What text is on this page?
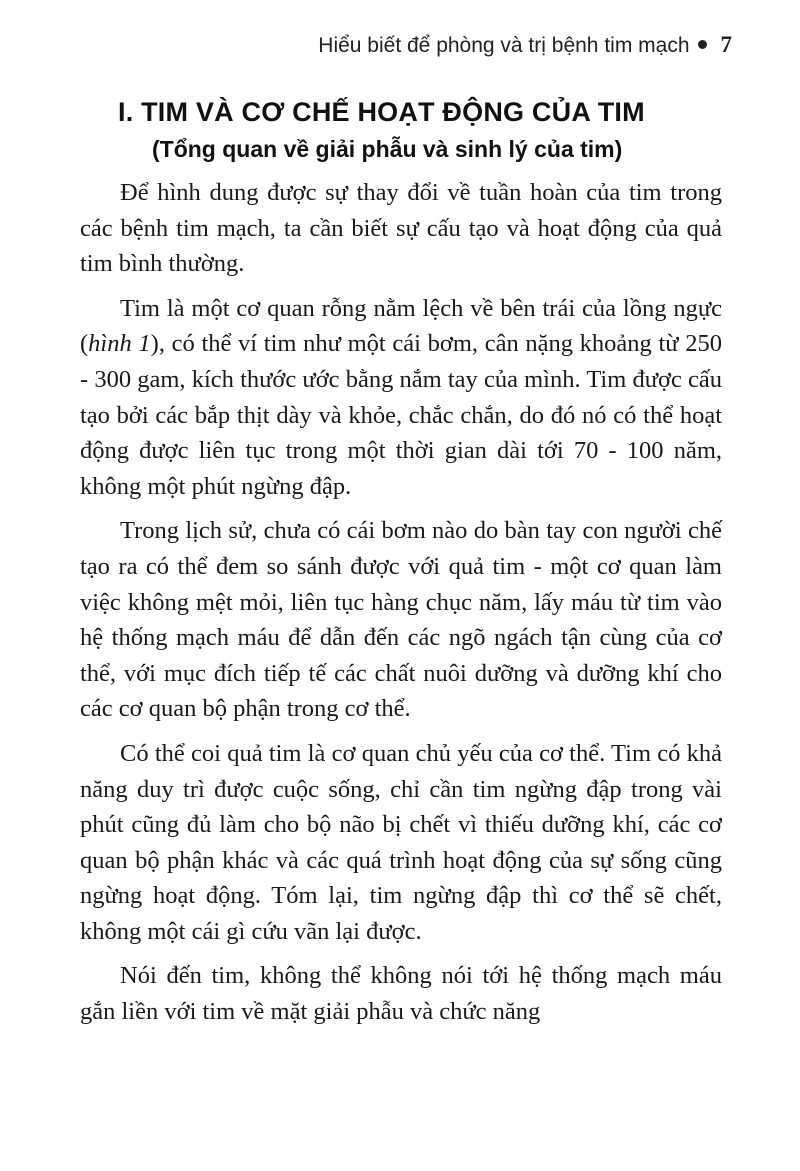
Hiểu biết để phòng và trị bệnh tim mạch 7
I. TIM VÀ CƠ CHẾ HOẠT ĐỘNG CỦA TIM
(Tổng quan về giải phẫu và sinh lý của tim)

Để hình dung được sự thay đổi về tuần hoàn của tim trong các bệnh tim mạch, ta cần biết sự cấu tạo và hoạt động của quả tim bình thường.

Tim là một cơ quan rỗng nằm lệch về bên trái của lồng ngực (hình 1), có thể ví tim như một cái bơm, cân nặng khoảng từ 250 - 300 gam, kích thước ước bằng nắm tay của mình. Tim được cấu tạo bởi các bắp thịt dày và khỏe, chắc chắn, do đó nó có thể hoạt động được liên tục trong một thời gian dài tới 70 - 100 năm, không một phút ngừng đập.

Trong lịch sử, chưa có cái bơm nào do bàn tay con người chế tạo ra có thể đem so sánh được với quả tim - một cơ quan làm việc không mệt mỏi, liên tục hàng chục năm, lấy máu từ tim vào hệ thống mạch máu để dẫn đến các ngõ ngách tận cùng của cơ thể, với mục đích tiếp tế các chất nuôi dưỡng và dưỡng khí cho các cơ quan bộ phận trong cơ thể.

Có thể coi quả tim là cơ quan chủ yếu của cơ thể. Tim có khả năng duy trì được cuộc sống, chỉ cần tim ngừng đập trong vài phút cũng đủ làm cho bộ não bị chết vì thiếu dưỡng khí, các cơ quan bộ phận khác và các quá trình hoạt động của sự sống cũng ngừng hoạt động. Tóm lại, tim ngừng đập thì cơ thể sẽ chết, không một cái gì cứu vãn lại được.

Nói đến tim, không thể không nói tới hệ thống mạch máu gắn liền với tim về mặt giải phẫu và chức năng
